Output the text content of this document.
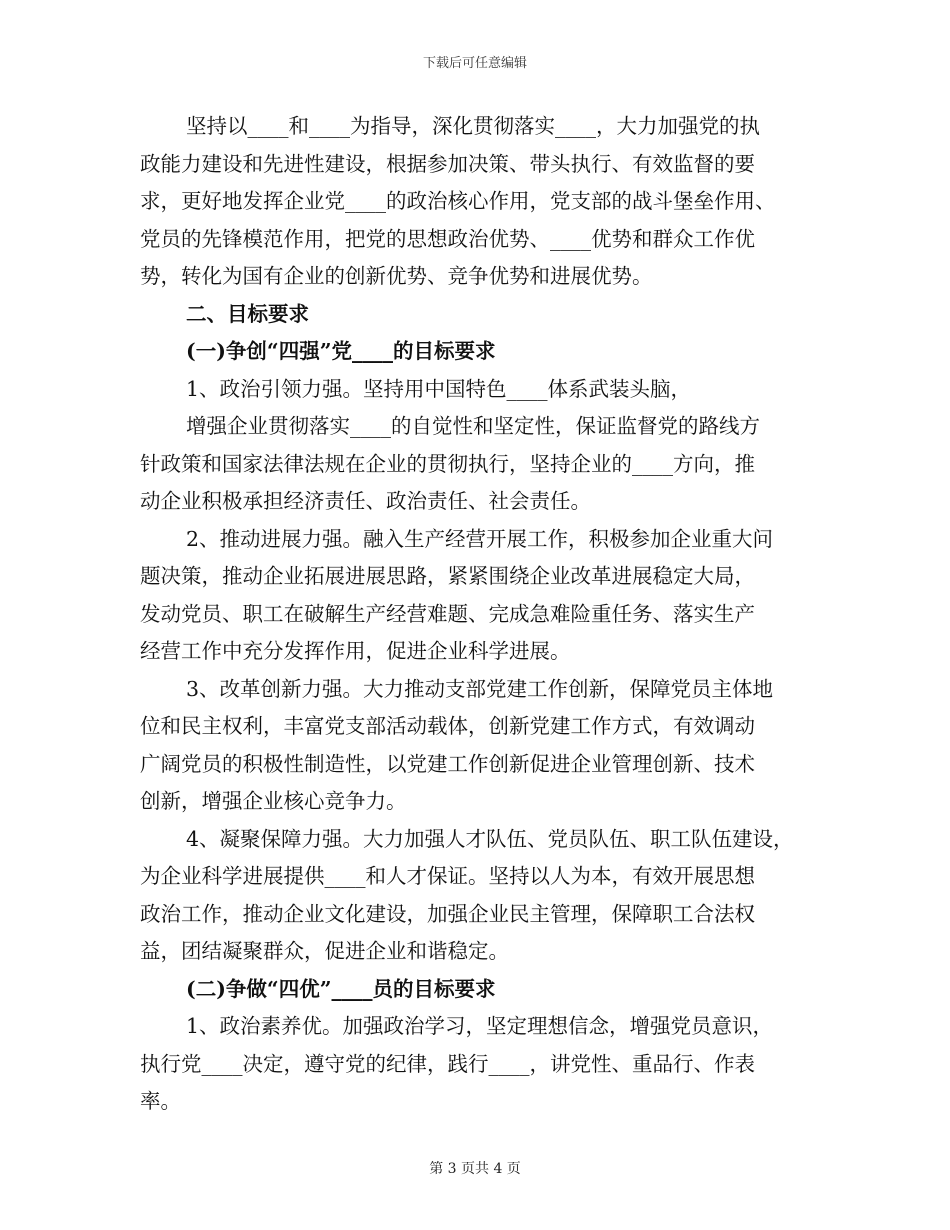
下载后可任意编辑
坚持以____和____为指导，深化贯彻落实____，大力加强党的执
政能力建设和先进性建设，根据参加决策、带头执行、有效监督的要
求，更好地发挥企业党____的政治核心作用，党支部的战斗堡垒作用、
党员的先锋模范作用，把党的思想政治优势、____优势和群众工作优
势，转化为国有企业的创新优势、竞争优势和进展优势。
二、目标要求
(一)争创“四强”党____的目标要求
1、政治引领力强。坚持用中国特色____体系武装头脑，
增强企业贯彻落实____的自觉性和坚定性，保证监督党的路线方
针政策和国家法律法规在企业的贯彻执行，坚持企业的____方向，推
动企业积极承担经济责任、政治责任、社会责任。
2、推动进展力强。融入生产经营开展工作，积极参加企业重大问
题决策，推动企业拓展进展思路，紧紧围绕企业改革进展稳定大局，
发动党员、职工在破解生产经营难题、完成急难险重任务、落实生产
经营工作中充分发挥作用，促进企业科学进展。
3、改革创新力强。大力推动支部党建工作创新，保障党员主体地
位和民主权利，丰富党支部活动载体，创新党建工作方式，有效调动
广阔党员的积极性制造性，以党建工作创新促进企业管理创新、技术
创新，增强企业核心竞争力。
4、凝聚保障力强。大力加强人才队伍、党员队伍、职工队伍建设，
为企业科学进展提供____和人才保证。坚持以人为本，有效开展思想
政治工作，推动企业文化建设，加强企业民主管理，保障职工合法权
益，团结凝聚群众，促进企业和谐稳定。
(二)争做“四优”____员的目标要求
1、政治素养优。加强政治学习，坚定理想信念，增强党员意识，
执行党____决定，遵守党的纪律，践行____，讲党性、重品行、作表
率。
第 3 页共 4 页
